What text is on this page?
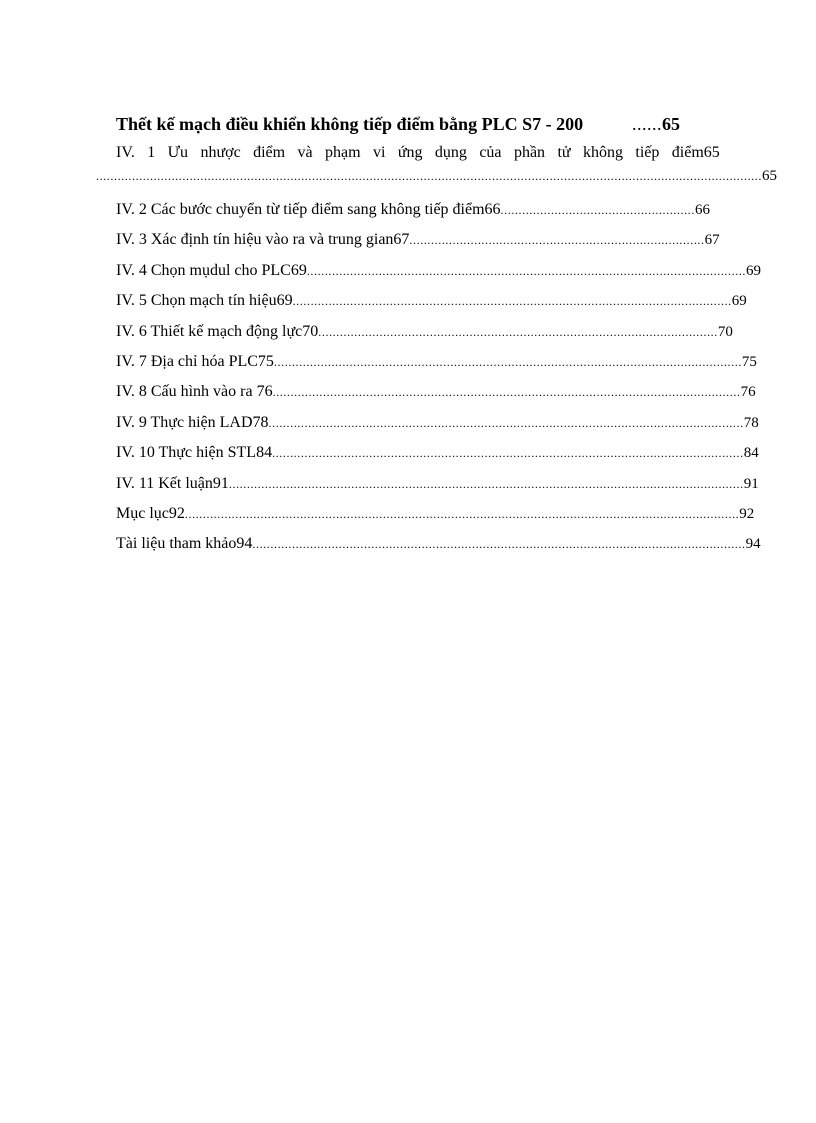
Thết kế mạch điều khiển không tiếp điểm bằng PLC S7 - 200	...... 65
IV. 1 Ưu nhược điểm và phạm vi ứng dụng của phần tử không tiếp điểm65
......................................................................................................................................................................................... 65
IV. 2 Các bước chuyển từ tiếp điểm sang không tiếp điểm66 ...................................................... 66
IV. 3 Xác định tín hiệu vào ra và trung gian67 .................................................................................. 67
IV. 4 Chọn mụdul cho PLC69 .......................................................................................................................... 69
IV. 5 Chọn mạch tín hiệu69 .......................................................................................................................... 69
IV. 6 Thiết kế mạch động lực70 ............................................................................................................... 70
IV. 7 Địa chỉ hóa PLC75 .................................................................................................................................. 75
IV. 8 Cấu hình vào ra 76 .................................................................................................................................. 76
IV. 9 Thực hiện LAD78 .................................................................................................................................... 78
IV. 10 Thực hiện STL84 ................................................................................................................................... 84
IV. 11 Kết luận91 ............................................................................................................................................... 91
Mục lục92 .......................................................................................................................................................... 92
Tài liệu tham khảo94 ......................................................................................................................................... 94
